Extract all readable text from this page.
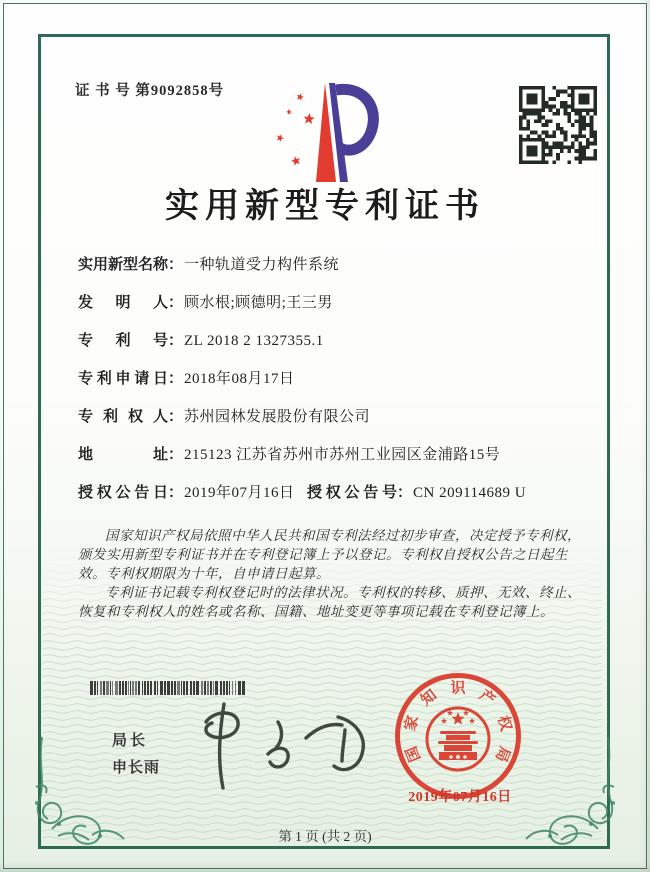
证 书 号 第9092858号
实用新型专利证书
实用新型名称：一种轨道受力构件系统
发明人：顾水根;顾德明;王三男
专利号：ZL 2018 2 1327355.1
专利申请日：2018年08月17日
专利权人：苏州园林发展股份有限公司
地址：215123 江苏省苏州市苏州工业园区金浦路15号
授权公告日：2019年07月16日 授权公告号：CN 209114689 U

国家知识产权局依照中华人民共和国专利法经过初步审查，决定授予专利权，颁发实用新型专利证书并在专利登记簿上予以登记。专利权自授权公告之日起生效。专利权期限为十年，自申请日起算。

专利证书记载专利权登记时的法律状况。专利权的转移、质押、无效、终止、恢复和专利权人的姓名或名称、国籍、地址变更等事项记载在专利登记簿上。

局长
申长雨
国
家
知 识 产
权
局
2019年07月16日
第 1 页 (共 2 页)
